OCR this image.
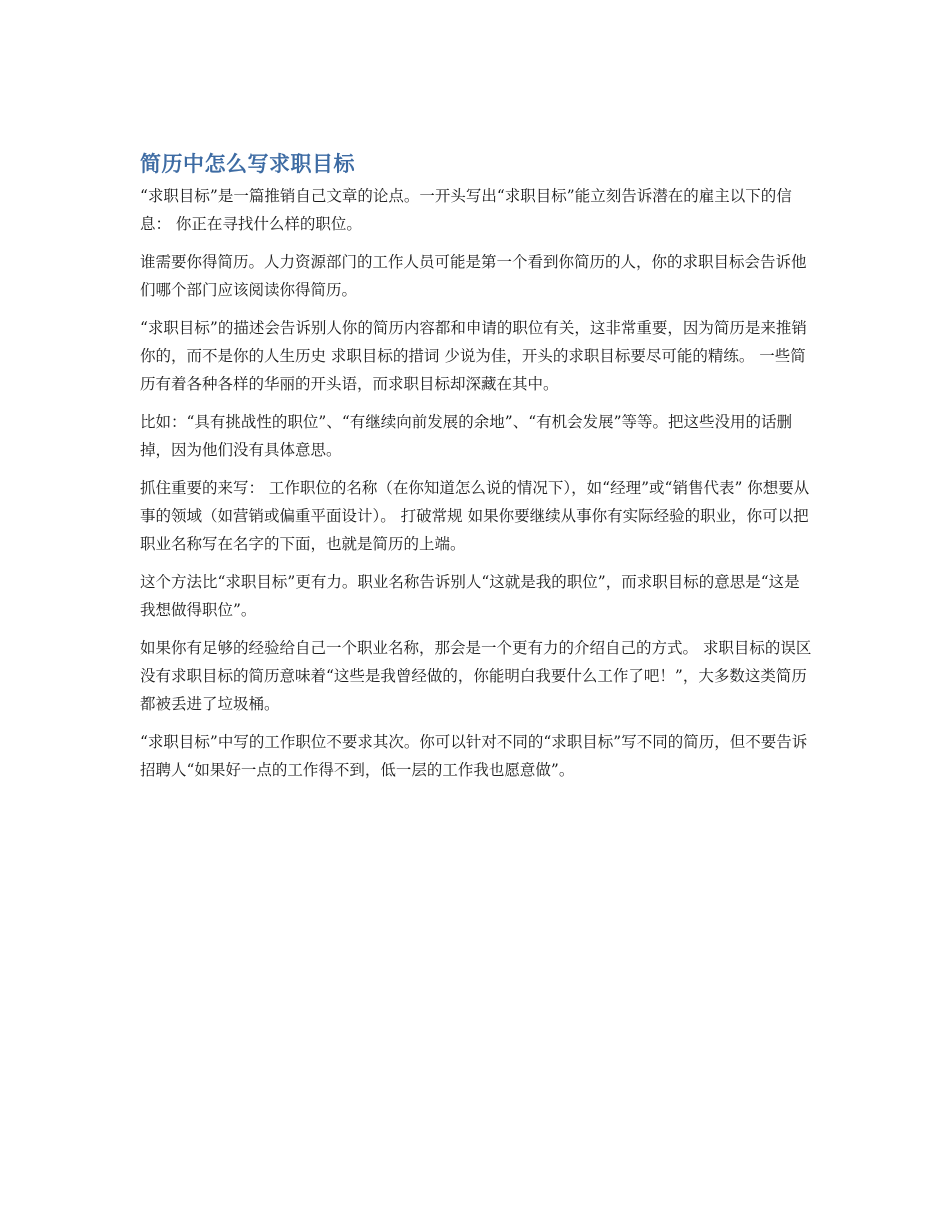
简历中怎么写求职目标

“求职目标”是一篇推销自己文章的论点。一开头写出“求职目标”能立刻告诉潜在的雇主以下的信息： 你正在寻找什么样的职位。

谁需要你得简历。人力资源部门的工作人员可能是第一个看到你简历的人，你的求职目标会告诉他们哪个部门应该阅读你得简历。

“求职目标”的描述会告诉别人你的简历内容都和申请的职位有关，这非常重要，因为简历是来推销你的，而不是你的人生历史 求职目标的措词 少说为佳，开头的求职目标要尽可能的精练。 一些简历有着各种各样的华丽的开头语，而求职目标却深藏在其中。

比如：“具有挑战性的职位”、“有继续向前发展的余地”、“有机会发展”等等。把这些没用的话删掉，因为他们没有具体意思。

抓住重要的来写： 工作职位的名称（在你知道怎么说的情况下），如“经理”或“销售代表” 你想要从事的领域（如营销或偏重平面设计）。 打破常规 如果你要继续从事你有实际经验的职业，你可以把职业名称写在名字的下面，也就是简历的上端。

这个方法比“求职目标”更有力。职业名称告诉别人“这就是我的职位”，而求职目标的意思是“这是我想做得职位”。

如果你有足够的经验给自己一个职业名称，那会是一个更有力的介绍自己的方式。 求职目标的误区 没有求职目标的简历意味着“这些是我曾经做的，你能明白我要什么工作了吧！”，大多数这类简历都被丢进了垃圾桶。

“求职目标”中写的工作职位不要求其次。你可以针对不同的“求职目标”写不同的简历，但不要告诉招聘人“如果好一点的工作得不到，低一层的工作我也愿意做”。
